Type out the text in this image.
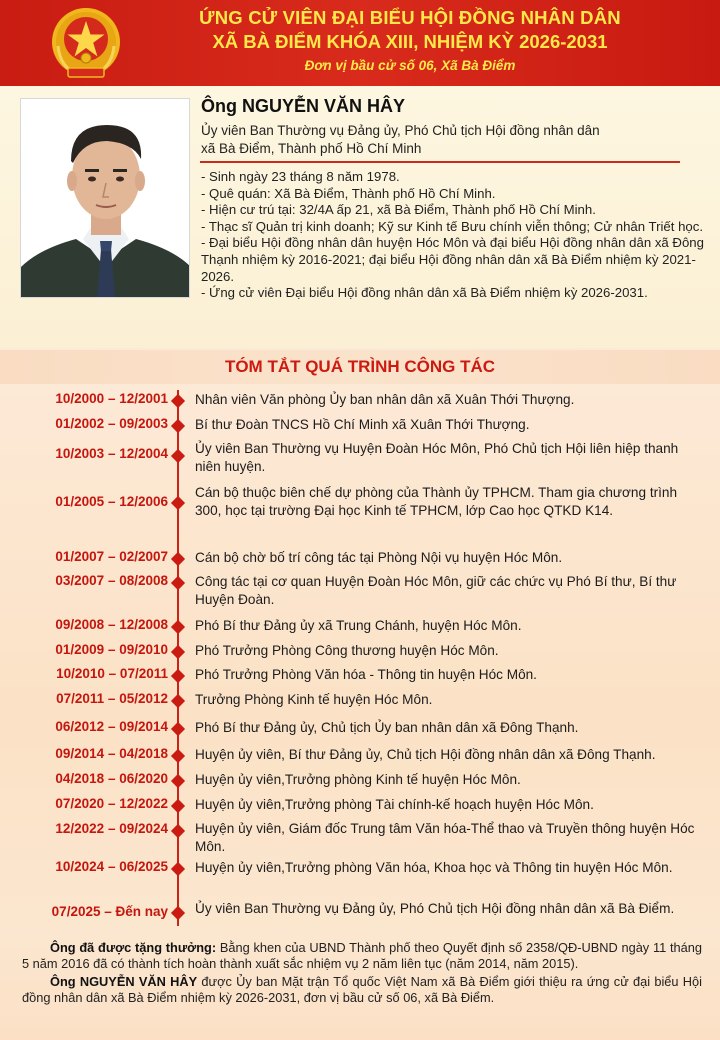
ỨNG CỬ VIÊN ĐẠI BIỂU HỘI ĐỒNG NHÂN DÂN
XÃ BÀ ĐIỂM KHÓA XIII, NHIỆM KỲ 2026-2031
Đơn vị bầu cử số 06, Xã Bà Điểm
Ông NGUYỄN VĂN HÂY
Ủy viên Ban Thường vụ Đảng ủy, Phó Chủ tịch Hội đồng nhân dân
xã Bà Điểm, Thành phố Hồ Chí Minh
- Sinh ngày 23 tháng 8 năm 1978.
- Quê quán: Xã Bà Điểm, Thành phố Hồ Chí Minh.
- Hiện cư trú tại: 32/4A ấp 21, xã Bà Điểm, Thành phố Hồ Chí Minh.
- Thạc sĩ Quản trị kinh doanh; Kỹ sư Kinh tế Bưu chính viễn thông; Cử nhân Triết học.
- Đại biểu Hội đồng nhân dân huyện Hóc Môn và đại biểu Hội đồng nhân dân xã Đông Thạnh nhiệm kỳ 2016-2021; đại biểu Hội đồng nhân dân xã Bà Điểm nhiệm kỳ 2021-2026.
- Ứng cử viên Đại biểu Hội đồng nhân dân xã Bà Điểm nhiệm kỳ 2026-2031.
TÓM TẮT QUÁ TRÌNH CÔNG TÁC
10/2000 – 12/2001 Nhân viên Văn phòng Ủy ban nhân dân xã Xuân Thới Thượng.
01/2002 – 09/2003 Bí thư Đoàn TNCS Hồ Chí Minh xã Xuân Thới Thượng.
10/2003 – 12/2004 Ủy viên Ban Thường vụ Huyện Đoàn Hóc Môn, Phó Chủ tịch Hội liên hiệp thanh niên huyện.
01/2005 – 12/2006
Cán bộ thuộc biên chế dự phòng của Thành ủy TPHCM. Tham gia chương trình 300, học tại trường Đại học Kinh tế TPHCM, lớp Cao học QTKD K14.
01/2007 – 02/2007 Cán bộ chờ bố trí công tác tại Phòng Nội vụ huyện Hóc Môn.
03/2007 – 08/2008 Công tác tại cơ quan Huyện Đoàn Hóc Môn, giữ các chức vụ Phó Bí thư, Bí thư Huyện Đoàn.
09/2008 – 12/2008 Phó Bí thư Đảng ủy xã Trung Chánh, huyện Hóc Môn.
01/2009 – 09/2010 Phó Trưởng Phòng Công thương huyện Hóc Môn.
10/2010 – 07/2011 Phó Trưởng Phòng Văn hóa - Thông tin huyện Hóc Môn.
07/2011 – 05/2012 Trưởng Phòng Kinh tế huyện Hóc Môn.
06/2012 – 09/2014 Phó Bí thư Đảng ủy, Chủ tịch Ủy ban nhân dân xã Đông Thạnh.
09/2014 – 04/2018 Huyện ủy viên, Bí thư Đảng ủy, Chủ tịch Hội đồng nhân dân xã Đông Thạnh.
04/2018 – 06/2020 Huyện ủy viên,Trưởng phòng Kinh tế huyện Hóc Môn.
07/2020 – 12/2022 Huyện ủy viên,Trưởng phòng Tài chính-kế hoạch huyện Hóc Môn.
12/2022 – 09/2024 Huyện ủy viên, Giám đốc Trung tâm Văn hóa-Thể thao và Truyền thông huyện Hóc Môn.
10/2024 – 06/2025 Huyện ủy viên,Trưởng phòng Văn hóa, Khoa học và Thông tin huyện Hóc Môn.
07/2025 – Đến nay Ủy viên Ban Thường vụ Đảng ủy, Phó Chủ tịch Hội đồng nhân dân xã Bà Điểm.

Ông đã được tặng thưởng: Bằng khen của UBND Thành phố theo Quyết định số 2358/QĐ-UBND ngày 11 tháng 5 năm 2016 đã có thành tích hoàn thành xuất sắc nhiệm vụ 2 năm liên tục (năm 2014, năm 2015).

Ông NGUYỄN VĂN HÂY được Ủy ban Mặt trận Tổ quốc Việt Nam xã Bà Điểm giới thiệu ra ứng cử đại biểu Hội đồng nhân dân xã Bà Điểm nhiệm kỳ 2026-2031, đơn vị bầu cử số 06, xã Bà Điểm.
